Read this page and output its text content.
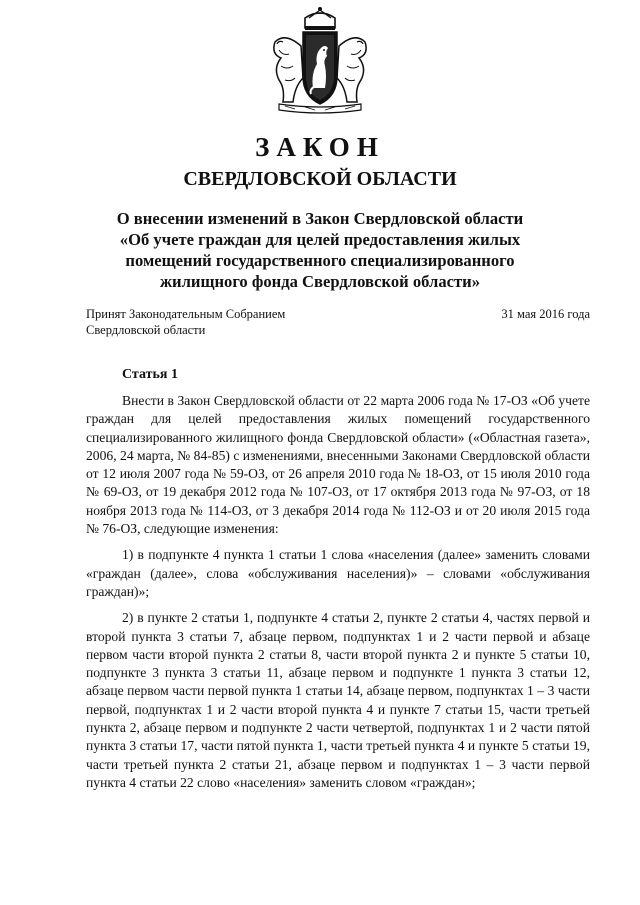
ЗАКОН
СВЕРДЛОВСКОЙ ОБЛАСТИ
О внесении изменений в Закон Свердловской области
«Об учете граждан для целей предоставления жилых
помещений государственного специализированного
жилищного фонда Свердловской области»
Принят Законодательным Собранием
Свердловской области
31 мая 2016 года
Статья 1

Внести в Закон Свердловской области от 22 марта 2006 года № 17-ОЗ «Об учете граждан для целей предоставления жилых помещений государственного специализированного жилищного фонда Свердловской области» («Областная газета», 2006, 24 марта, № 84-85) с изменениями, внесенными Законами Свердловской области от 12 июля 2007 года № 59-ОЗ, от 26 апреля 2010 года № 18-ОЗ, от 15 июля 2010 года № 69-ОЗ, от 19 декабря 2012 года № 107-ОЗ, от 17 октября 2013 года № 97-ОЗ, от 18 ноября 2013 года № 114-ОЗ, от 3 декабря 2014 года № 112-ОЗ и от 20 июля 2015 года № 76-ОЗ, следующие изменения:

1) в подпункте 4 пункта 1 статьи 1 слова «населения (далее» заменить словами «граждан (далее», слова «обслуживания населения)» – словами «обслуживания граждан)»;

2) в пункте 2 статьи 1, подпункте 4 статьи 2, пункте 2 статьи 4, частях первой и второй пункта 3 статьи 7, абзаце первом, подпунктах 1 и 2 части первой и абзаце первом части второй пункта 2 статьи 8, части второй пункта 2 и пункте 5 статьи 10, подпункте 3 пункта 3 статьи 11, абзаце первом и подпункте 1 пункта 3 статьи 12, абзаце первом части первой пункта 1 статьи 14, абзаце первом, подпунктах 1 – 3 части первой, подпунктах 1 и 2 части второй пункта 4 и пункте 7 статьи 15, части третьей пункта 2, абзаце первом и подпункте 2 части четвертой, подпунктах 1 и 2 части пятой пункта 3 статьи 17, части пятой пункта 1, части третьей пункта 4 и пункте 5 статьи 19, части третьей пункта 2 статьи 21, абзаце первом и подпунктах 1 – 3 части первой пункта 4 статьи 22 слово «населения» заменить словом «граждан»;
